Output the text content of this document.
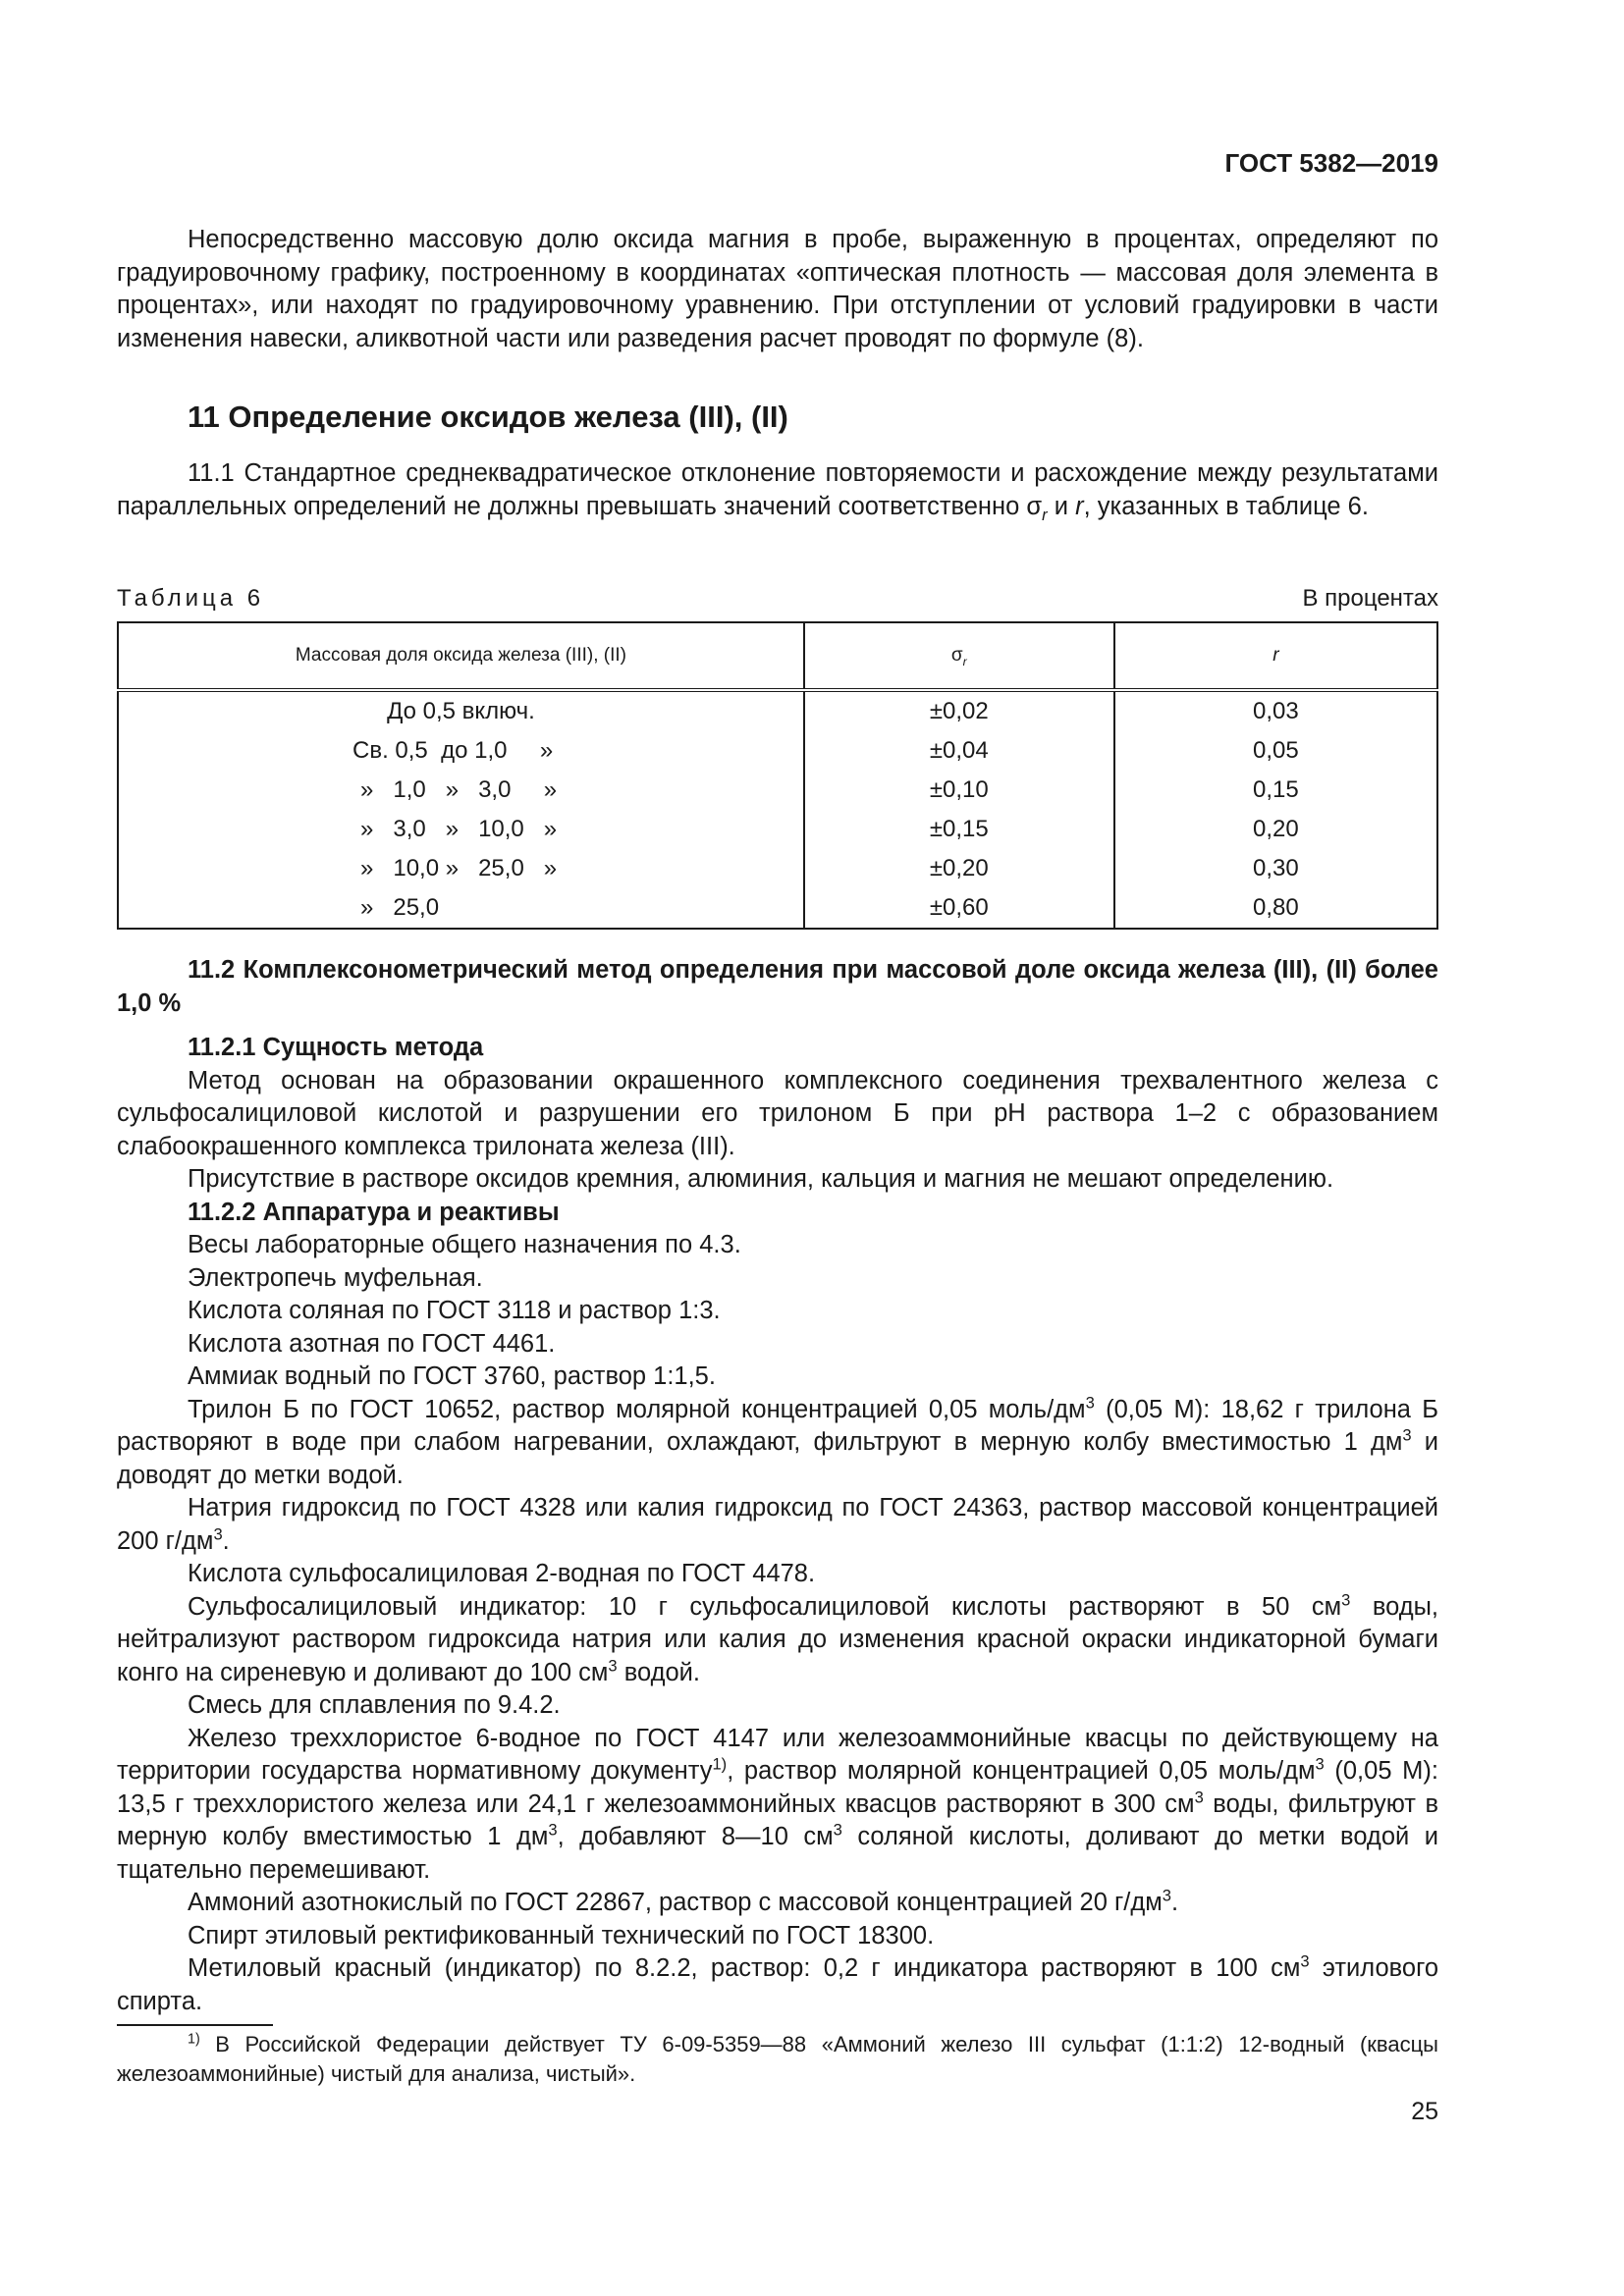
ГОСТ 5382—2019

Непосредственно массовую долю оксида магния в пробе, выраженную в процентах, определяют по градуировочному графику, построенному в координатах «оптическая плотность — массовая доля элемента в процентах», или находят по градуировочному уравнению. При отступлении от условий градуировки в части изменения навески, аликвотной части или разведения расчет проводят по формуле (8).

11 Определение оксидов железа (III), (II)

11.1 Стандартное среднеквадратическое отклонение повторяемости и расхождение между результатами параллельных определений не должны превышать значений соответственно $\sigma_r$ и r, указанных в таблице 6.

Таблица 6	В процентах
Массовая доля оксида железа (III), (II)	$\sigma_r$	r
До 0,5 включ.	±0,02	0,03
Св. 0,5  до 1,0     »	±0,04	0,05
»   1,0   »   3,0     »	±0,10	0,15
»   3,0   »   10,0   »	±0,15	0,20
»   10,0 »   25,0   »	±0,20	0,30
»   25,0	±0,60	0,80

11.2 Комплексонометрический метод определения при массовой доле оксида железа (III), (II) более 1,0 %

11.2.1 Сущность метода

Метод основан на образовании окрашенного комплексного соединения трехвалентного железа с сульфосалициловой кислотой и разрушении его трилоном Б при pH раствора 1–2 с образованием слабоокрашенного комплекса трилоната железа (III).

Присутствие в растворе оксидов кремния, алюминия, кальция и магния не мешают определению.

11.2.2 Аппаратура и реактивы

Весы лабораторные общего назначения по 4.3.

Электропечь муфельная.

Кислота соляная по ГОСТ 3118 и раствор 1:3.

Кислота азотная по ГОСТ 4461.

Аммиак водный по ГОСТ 3760, раствор 1:1,5.

Трилон Б по ГОСТ 10652, раствор молярной концентрацией 0,05 моль/$дм^3$ (0,05 М): 18,62 г трилона Б растворяют в воде при слабом нагревании, охлаждают, фильтруют в мерную колбу вместимостью 1 $дм^3$ и доводят до метки водой.

Натрия гидроксид по ГОСТ 4328 или калия гидроксид по ГОСТ 24363, раствор массовой концентрацией 200 $г/дм^3$.

Кислота сульфосалициловая 2-водная по ГОСТ 4478.

Сульфосалициловый индикатор: 10 г сульфосалициловой кислоты растворяют в 50 $см^3$ воды, нейтрализуют раствором гидроксида натрия или калия до изменения красной окраски индикаторной бумаги конго на сиреневую и доливают до 100 $см^3$ водой.

Смесь для сплавления по 9.4.2.

Железо треххлористое 6-водное по ГОСТ 4147 или железоаммонийные квасцы по действующему на территории государства нормативному документу$^{1)}$, раствор молярной концентрацией 0,05 моль/$дм^3$ (0,05 М): 13,5 г треххлористого железа или 24,1 г железоаммонийных квасцов растворяют в 300 $см^3$ воды, фильтруют в мерную колбу вместимостью 1 $дм^3$, добавляют 8—10 $см^3$ соляной кислоты, доливают до метки водой и тщательно перемешивают.

Аммоний азотнокислый по ГОСТ 22867, раствор с массовой концентрацией 20 $г/дм^3$.

Спирт этиловый ректификованный технический по ГОСТ 18300.

Метиловый красный (индикатор) по 8.2.2, раствор: 0,2 г индикатора растворяют в 100 $см^3$ этилового спирта.

$^{1)}$ В Российской Федерации действует ТУ 6-09-5359—88 «Аммоний железо III сульфат (1:1:2) 12-водный (квасцы железоаммонийные) чистый для анализа, чистый».

25
